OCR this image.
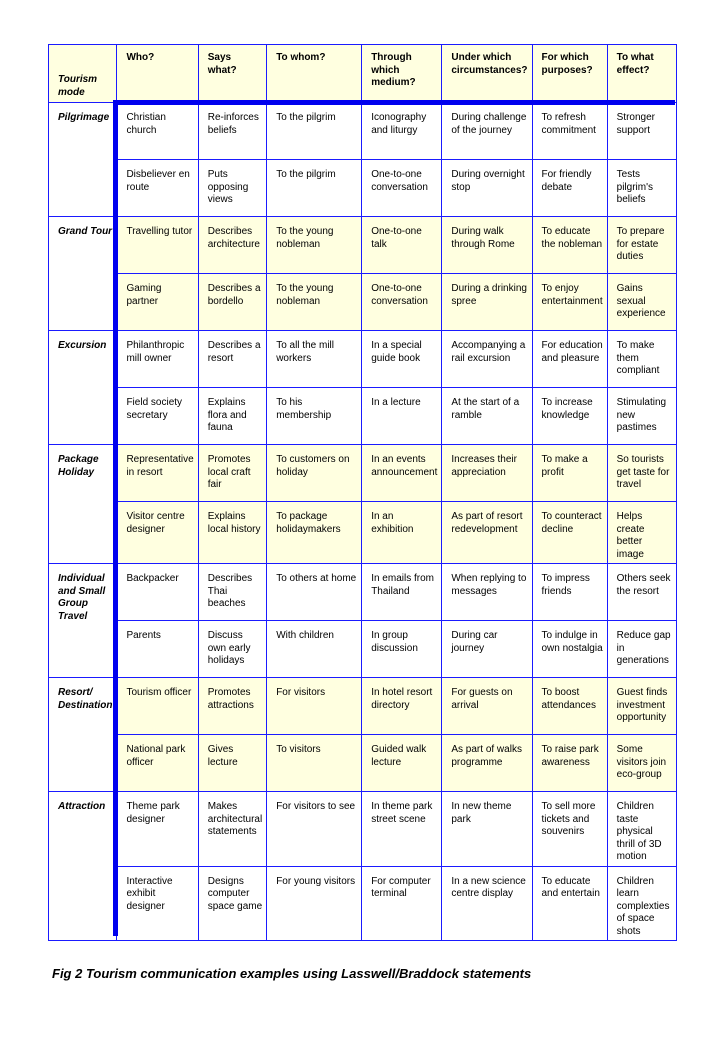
Tourism mode	Who?	Says what?	To whom?	Through which medium?	Under which circumstances?	For which purposes?	To what effect?
Pilgrimage	Christian church	Re-inforces beliefs	To the pilgrim	Iconography and liturgy	During challenge of the journey	To refresh commitment	Stronger support
	Disbeliever en route	Puts opposing views	To the pilgrim	One-to-one conversation	During overnight stop	For friendly debate	Tests pilgrim's beliefs
Grand Tour	Travelling tutor	Describes architecture	To the young nobleman	One-to-one talk	During walk through Rome	To educate the nobleman	To prepare for estate duties
	Gaming partner	Describes a bordello	To the young nobleman	One-to-one conversation	During a drinking spree	To enjoy entertainment	Gains sexual experience
Excursion	Philanthropic mill owner	Describes a resort	To all the mill workers	In a special guide book	Accompanying a rail excursion	For education and pleasure	To make them compliant
	Field society secretary	Explains flora and fauna	To his membership	In a lecture	At the start of a ramble	To increase knowledge	Stimulating new pastimes
Package Holiday	Representative in resort	Promotes local craft fair	To customers on holiday	In an events announcement	Increases their appreciation	To make a profit	So tourists get taste for travel
	Visitor centre designer	Explains local history	To package holidaymakers	In an exhibition	As part of resort redevelopment	To counteract decline	Helps create better image
Individual and Small Group Travel	Backpacker	Describes Thai beaches	To others at home	In emails from Thailand	When replying to messages	To impress friends	Others seek the resort
	Parents	Discuss own early holidays	With children	In group discussion	During car journey	To indulge in own nostalgia	Reduce gap in generations
Resort/ Destination	Tourism officer	Promotes attractions	For visitors	In hotel resort directory	For guests on arrival	To boost attendances	Guest finds investment opportunity
	National park officer	Gives lecture	To visitors	Guided walk lecture	As part of walks programme	To raise park awareness	Some visitors join eco-group
Attraction	Theme park designer	Makes architectural statements	For visitors to see	In theme park street scene	In new theme park	To sell more tickets and souvenirs	Children taste physical thrill of 3D motion
	Interactive exhibit designer	Designs computer space game	For young visitors	For computer terminal	In a new science centre display	To educate and entertain	Children learn complexties of space shots
Fig 2 Tourism communication examples using Lasswell/Braddock statements
